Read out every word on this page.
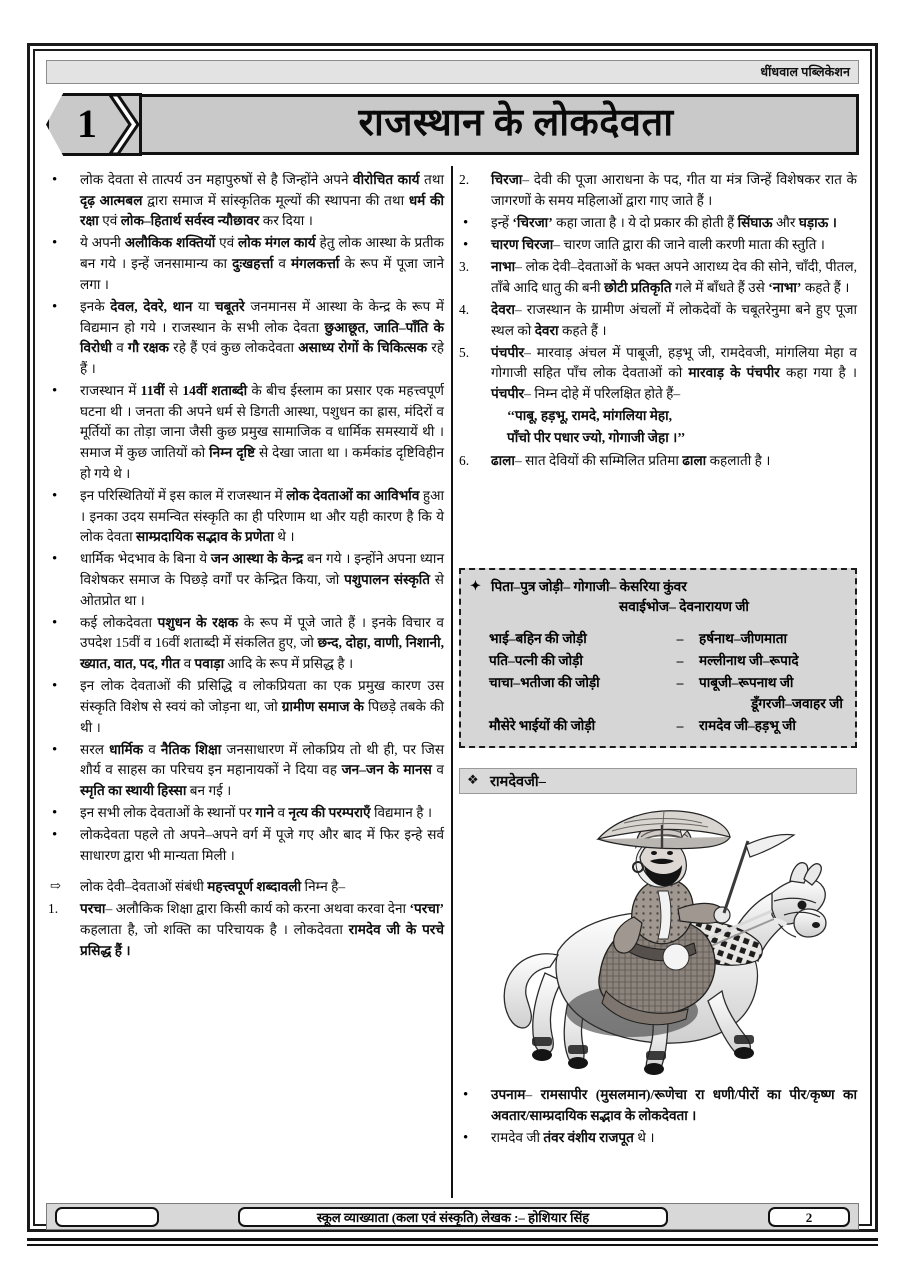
धींधवाल पब्लिकेशन
1	राजस्थान के लोकदेवता
•	लोक देवता से तात्पर्य उन महापुरुषों से है जिन्होंने अपने वीरोचित कार्य तथा दृढ़ आत्मबल द्वारा समाज में सांस्कृतिक मूल्यों की स्थापना की तथा धर्म की रक्षा एवं लोक–हितार्थ सर्वस्व न्यौछावर कर दिया ।
•	ये अपनी अलौकिक शक्तियों एवं लोक मंगल कार्य हेतु लोक आस्था के प्रतीक बन गये । इन्हें जनसामान्य का दुःखहर्त्ता व मंगलकर्त्ता के रूप में पूजा जाने लगा ।
•	इनके देवल, देवरे, थान या चबूतरे जनमानस में आस्था के केन्द्र के रूप में विद्यमान हो गये । राजस्थान के सभी लोक देवता छुआछूत, जाति–पाँति के विरोधी व गौ रक्षक रहे हैं एवं कुछ लोकदेवता असाध्य रोगों के चिकित्सक रहे हैं ।
•	राजस्थान में 11वीं से 14वीं शताब्दी के बीच ईस्लाम का प्रसार एक महत्त्वपूर्ण घटना थी । जनता की अपने धर्म से डिगती आस्था, पशुधन का ह्रास, मंदिरों व मूर्तियों का तोड़ा जाना जैसी कुछ प्रमुख सामाजिक व धार्मिक समस्यायें थी । समाज में कुछ जातियों को निम्न दृष्टि से देखा जाता था । कर्मकांड दृष्टिविहीन हो गये थे ।
•	इन परिस्थितियों में इस काल में राजस्थान में लोक देवताओं का आविर्भाव हुआ । इनका उदय समन्वित संस्कृति का ही परिणाम था और यही कारण है कि ये लोक देवता साम्प्रदायिक सद्भाव के प्रणेता थे ।
•	धार्मिक भेदभाव के बिना ये जन आस्था के केन्द्र बन गये । इन्होंने अपना ध्यान विशेषकर समाज के पिछड़े वर्गों पर केन्द्रित किया, जो पशुपालन संस्कृति से ओतप्रोत था ।
•	कई लोकदेवता पशुधन के रक्षक के रूप में पूजे जाते हैं । इनके विचार व उपदेश 15वीं व 16वीं शताब्दी में संकलित हुए, जो छन्द, दोहा, वाणी, निशानी, ख्यात, वात, पद, गीत व पवाड़ा आदि के रूप में प्रसिद्ध है ।
•	इन लोक देवताओं की प्रसिद्धि व लोकप्रियता का एक प्रमुख कारण उस संस्कृति विशेष से स्वयं को जोड़ना था, जो ग्रामीण समाज के पिछड़े तबके की थी ।
•	सरल धार्मिक व नैतिक शिक्षा जनसाधारण में लोकप्रिय तो थी ही, पर जिस शौर्य व साहस का परिचय इन महानायकों ने दिया वह जन–जन के मानस व स्मृति का स्थायी हिस्सा बन गई ।
•	इन सभी लोक देवताओं के स्थानों पर गाने व नृत्य की परम्पराएँ विद्यमान है ।
•	लोकदेवता पहले तो अपने–अपने वर्ग में पूजे गए और बाद में फिर इन्हे सर्व साधारण द्वारा भी मान्यता मिली ।
⇨	लोक देवी–देवताओं संबंधी महत्त्वपूर्ण शब्दावली निम्न है–
1.	परचा– अलौकिक शिक्षा द्वारा किसी कार्य को करना अथवा करवा देना ‘परचा’ कहलाता है, जो शक्ति का परिचायक है । लोकदेवता रामदेव जी के परचे प्रसिद्ध हैं ।
2.	चिरजा– देवी की पूजा आराधना के पद, गीत या मंत्र जिन्हें विशेषकर रात के जागरणों के समय महिलाओं द्वारा गाए जाते हैं ।
•	इन्हें ‘चिरजा’ कहा जाता है । ये दो प्रकार की होती हैं सिंघाऊ और घड़ाऊ ।
•	चारण चिरजा– चारण जाति द्वारा की जाने वाली करणी माता की स्तुति ।
3.	नाभा– लोक देवी–देवताओं के भक्त अपने आराध्य देव की सोने, चाँदी, पीतल, ताँबे आदि धातु की बनी छोटी प्रतिकृति गले में बाँधते हैं उसे ‘नाभा’ कहते हैं ।
4.	देवरा– राजस्थान के ग्रामीण अंचलों में लोकदेवों के चबूतरेनुमा बने हुए पूजा स्थल को देवरा कहते हैं ।
5.	पंचपीर– मारवाड़ अंचल में पाबूजी, हड़भू जी, रामदेवजी, मांगलिया मेहा व गोगाजी सहित पाँच लोक देवताओं को मारवाड़ के पंचपीर कहा गया है । पंचपीर– निम्न दोहे में परिलक्षित होते हैं–
‘‘पाबू, हड़भू, रामदे, मांगलिया मेहा,
पाँचो पीर पधार ज्यो, गोगाजी जेहा ।’’
6.	ढाला– सात देवियों की सम्मिलित प्रतिमा ढाला कहलाती है ।
✦ पिता–पुत्र जोड़ी– गोगाजी– केसरिया कुंवर
सवाईभोज– देवनारायण जी
भाई–बहिन की जोड़ी	–	हर्षनाथ–जीणमाता
पति–पत्नी की जोड़ी	–	मल्लीनाथ जी–रूपादे
चाचा–भतीजा की जोड़ी	–	पाबूजी–रूपनाथ जी
		डूँगरजी–जवाहर जी
मौसेरे भाईयों की जोड़ी	–	रामदेव जी–हड़भू जी
❖ रामदेवजी–
•	उपनाम– रामसापीर (मुसलमान)/रूणेचा रा धणी/पीरों का पीर/कृष्ण का अवतार/साम्प्रदायिक सद्भाव के लोकदेवता ।
•	रामदेव जी तंवर वंशीय राजपूत थे ।
स्कूल व्याख्याता (कला एवं संस्कृति) लेखक :– होशियार सिंह	2
